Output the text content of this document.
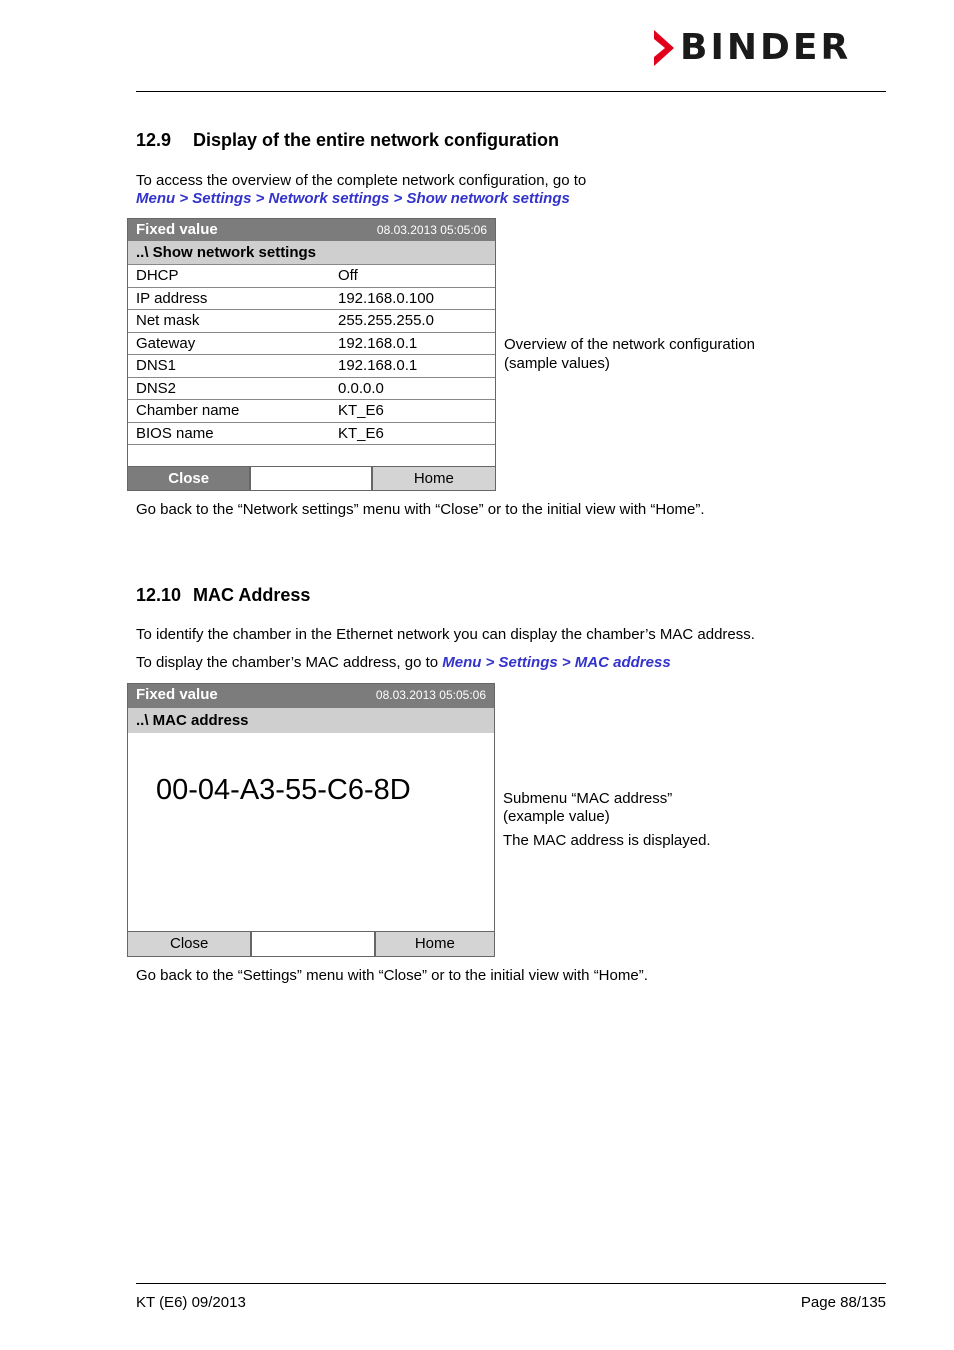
BINDER
12.9 Display of the entire network configuration
To access the overview of the complete network configuration, go to
Menu > Settings > Network settings > Show network settings
Fixed value	08.03.2013 05:05:06
..\ Show network settings
DHCP	Off
IP address	192.168.0.100
Net mask	255.255.255.0
Gateway	192.168.0.1
DNS1	192.168.0.1
DNS2	0.0.0.0
Chamber name	KT_E6
BIOS name	KT_E6
Close	Home
Overview of the network configuration
(sample values)
Go back to the “Network settings” menu with “Close” or to the initial view with “Home”.
12.10 MAC Address
To identify the chamber in the Ethernet network you can display the chamber’s MAC address.
To display the chamber’s MAC address, go to Menu > Settings > MAC address
Fixed value	08.03.2013 05:05:06
..\ MAC address
00-04-A3-55-C6-8D
Close	Home
Submenu “MAC address”
(example value)
The MAC address is displayed.
Go back to the “Settings” menu with “Close” or to the initial view with “Home”.
KT (E6) 09/2013	Page 88/135
